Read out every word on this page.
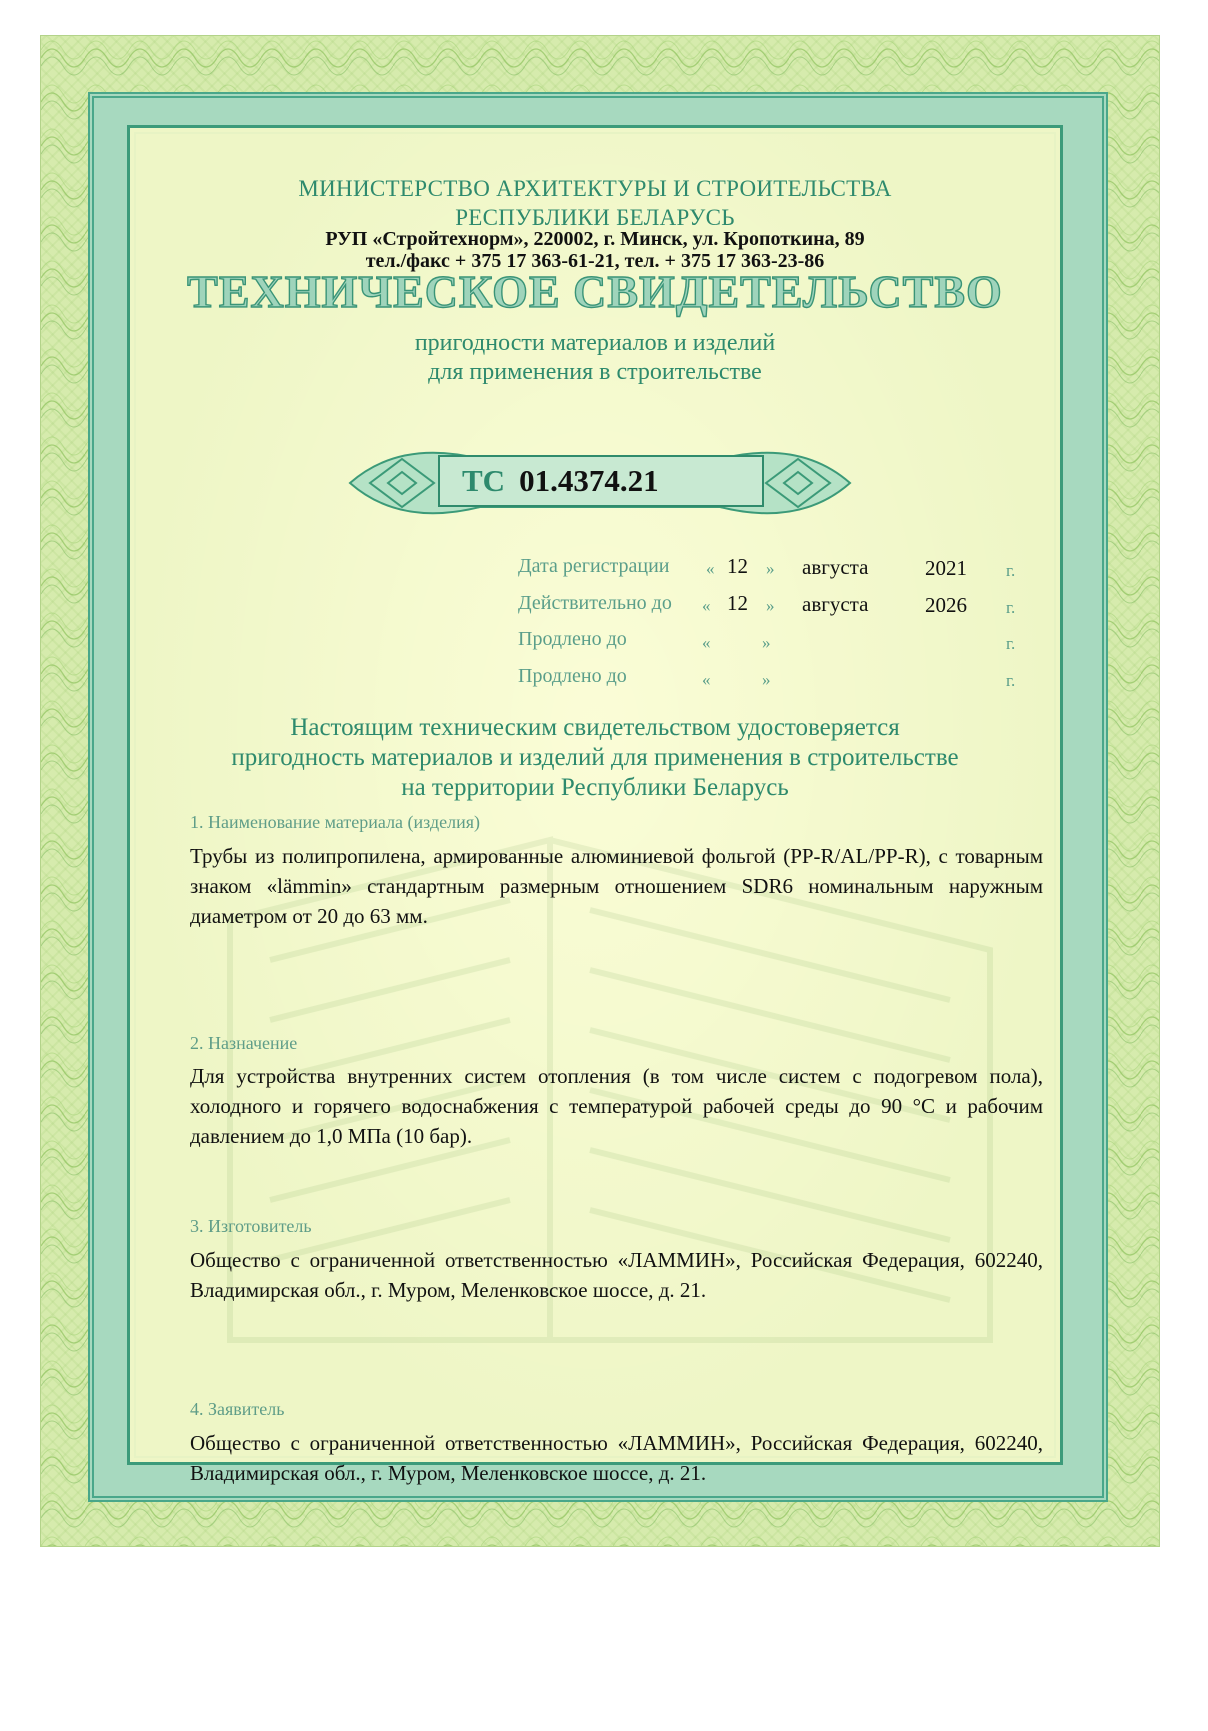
МИНИСТЕРСТВО АРХИТЕКТУРЫ И СТРОИТЕЛЬСТВА
РЕСПУБЛИКИ БЕЛАРУСЬ
РУП «Стройтехнорм», 220002, г. Минск, ул. Кропоткина, 89
тел./факс + 375 17 363-61-21, тел. + 375 17 363-23-86
ТЕХНИЧЕСКОЕ СВИДЕТЕЛЬСТВО
пригодности материалов и изделий
для применения в строительстве
ТС 01.4374.21
Дата регистрации « 12 » августа	2021 г.
Действительно до « 12 » августа	2026 г.
Продлено до	«	»	г.
Продлено до	«	»	г.
Настоящим техническим свидетельством удостоверяется
пригодность материалов и изделий для применения в строительстве
на территории Республики Беларусь
1. Наименование материала (изделия)
Трубы из полипропилена, армированные алюминиевой фольгой (PP-R/AL/PP-R), с товарным знаком «lämmin» стандартным размерным отношением SDR6 номинальным наружным диаметром от 20 до 63 мм.
2. Назначение
Для устройства внутренних систем отопления (в том числе систем с подогревом пола), холодного и горячего водоснабжения с температурой рабочей среды до 90 °С и рабочим давлением до 1,0 МПа (10 бар).
3. Изготовитель
Общество с ограниченной ответственностью «ЛАММИН», Российская Федерация, 602240, Владимирская обл., г. Муром, Меленковское шоссе, д. 21.
4. Заявитель
Общество с ограниченной ответственностью «ЛАММИН», Российская Федерация, 602240, Владимирская обл., г. Муром, Меленковское шоссе, д. 21.
